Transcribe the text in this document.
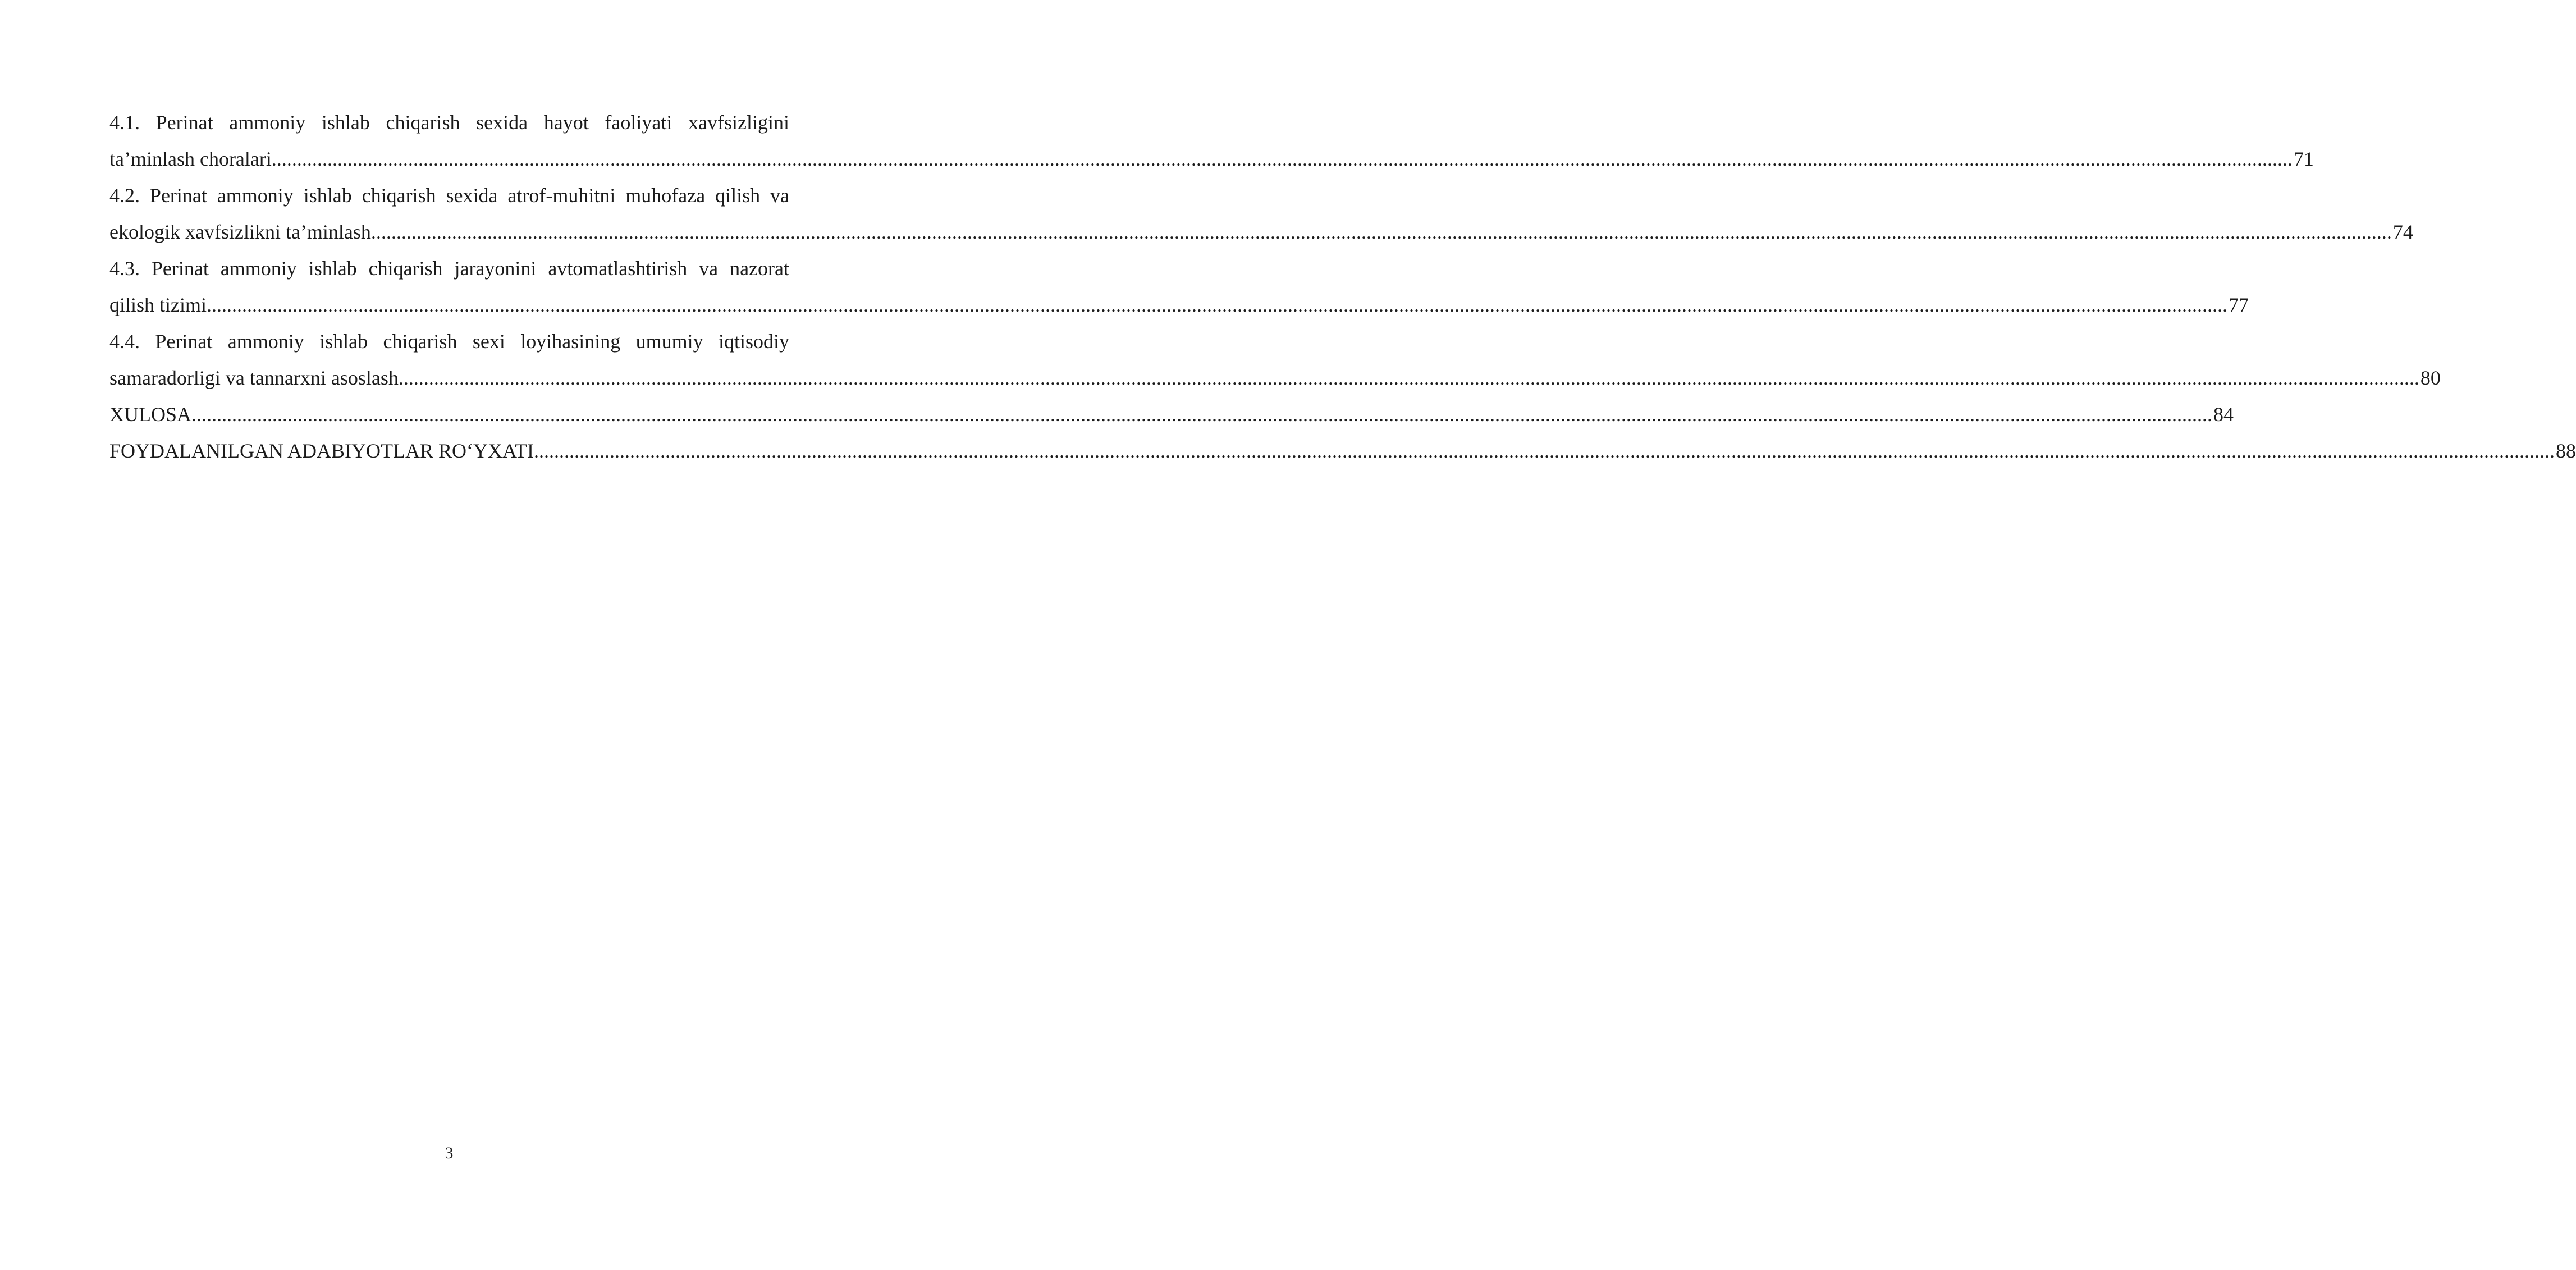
4.1. Perinat ammoniy ishlab chiqarish sexida hayot faoliyati xavfsizligini
ta’minlash choralari ................................................................................................................................................................................................................................................................................................................................................................................................................ 71
4.2. Perinat ammoniy ishlab chiqarish sexida atrof-muhitni muhofaza qilish va
ekologik xavfsizlikni ta’minlash ................................................................................................................................................................................................................................................................................................................................................................................................................ 74
4.3. Perinat ammoniy ishlab chiqarish jarayonini avtomatlashtirish va nazorat
qilish tizimi ................................................................................................................................................................................................................................................................................................................................................................................................................ 77
4.4. Perinat ammoniy ishlab chiqarish sexi loyihasining umumiy iqtisodiy
samaradorligi va tannarxni asoslash ................................................................................................................................................................................................................................................................................................................................................................................................................ 80
XULOSA ................................................................................................................................................................................................................................................................................................................................................................................................................ 84
FOYDALANILGAN ADABIYOTLAR RO‘YXATI ................................................................................................................................................................................................................................................................................................................................................................................................................ 88
3
